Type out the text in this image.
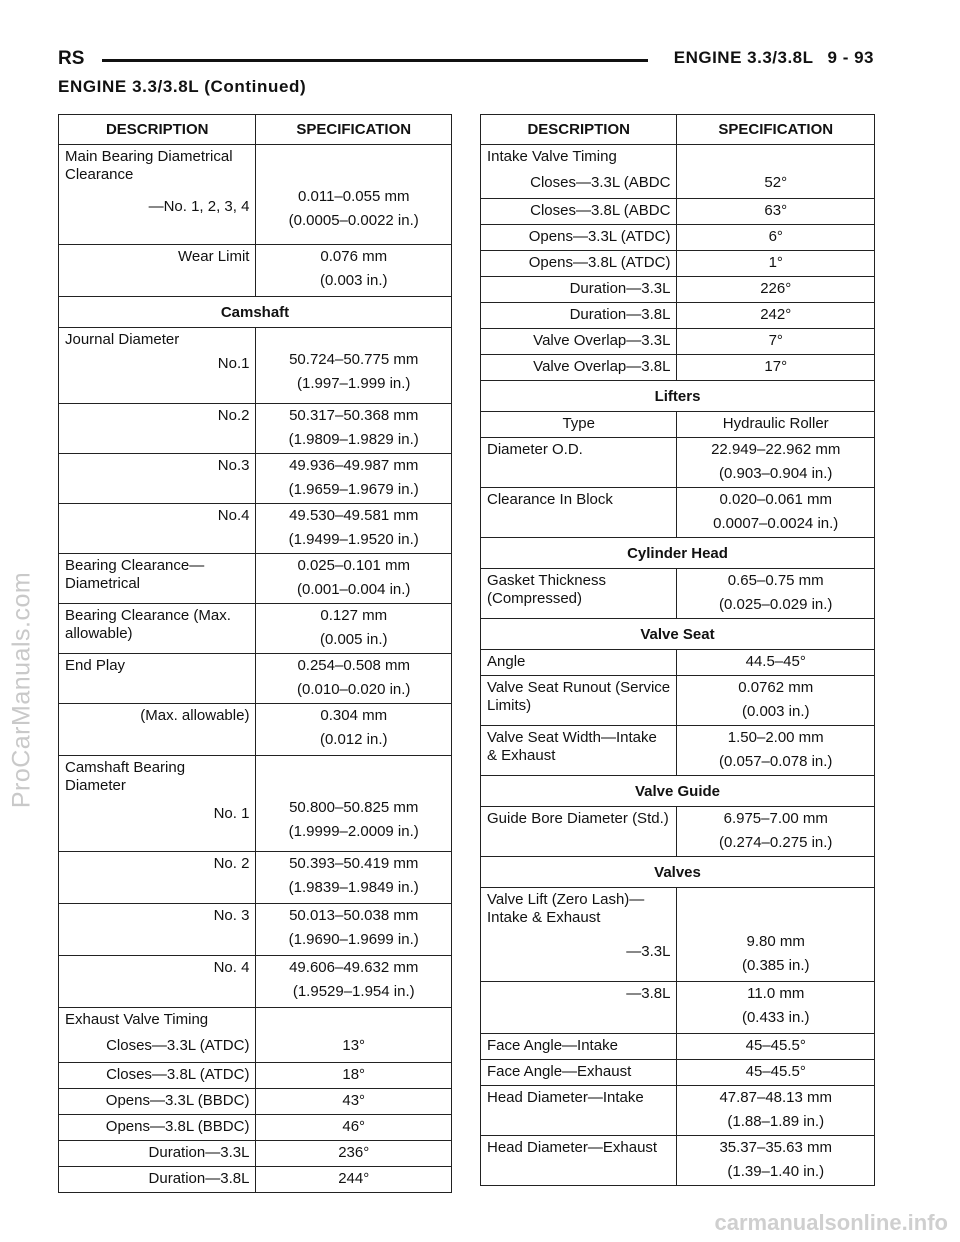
RS	ENGINE 3.3/3.8L 9 - 93
ENGINE 3.3/3.8L (Continued)
DESCRIPTION	SPECIFICATION
Main Bearing Diametrical Clearance
—No. 1, 2, 3, 4	0.011–0.055 mm
(0.0005–0.0022 in.)

Wear Limit	0.076 mm
(0.003 in.)

Camshaft	
Journal Diameter
No.1	50.724–50.775 mm
(1.997–1.999 in.)

No.2	50.317–50.368 mm
(1.9809–1.9829 in.)

No.3	49.936–49.987 mm
(1.9659–1.9679 in.)

No.4	49.530–49.581 mm
(1.9499–1.9520 in.)

Bearing Clearance— Diametrical	0.025–0.101 mm
(0.001–0.004 in.)

Bearing Clearance (Max. allowable)	0.127 mm
(0.005 in.)

End Play	0.254–0.508 mm
(0.010–0.020 in.)

(Max. allowable)	0.304 mm
(0.012 in.)

Camshaft Bearing Diameter
No. 1	50.800–50.825 mm
(1.9999–2.0009 in.)

No. 2	50.393–50.419 mm
(1.9839–1.9849 in.)

No. 3	50.013–50.038 mm
(1.9690–1.9699 in.)

No. 4	49.606–49.632 mm
(1.9529–1.954 in.)

Exhaust Valve Timing
Closes—3.3L (ATDC)	13°

Closes—3.8L (ATDC)	18°
Opens—3.3L (BBDC)	43°
Opens—3.8L (BBDC)	46°
Duration—3.3L	236°
Duration—3.8L	244°
DESCRIPTION	SPECIFICATION
Intake Valve Timing
Closes—3.3L (ABDC	52°

Closes—3.8L (ABDC	63°
Opens—3.3L (ATDC)	6°
Opens—3.8L (ATDC)	1°
Duration—3.3L	226°
Duration—3.8L	242°
Valve Overlap—3.3L	7°
Valve Overlap—3.8L	17°
Lifters	
Type	Hydraulic Roller
Diameter O.D.	22.949–22.962 mm
(0.903–0.904 in.)

Clearance In Block	0.020–0.061 mm
0.0007–0.0024 in.)

Cylinder Head	
Gasket Thickness (Compressed)	0.65–0.75 mm
(0.025–0.029 in.)

Valve Seat	
Angle	44.5–45°
Valve Seat Runout (Service Limits)	0.0762 mm
(0.003 in.)

Valve Seat Width—Intake & Exhaust	1.50–2.00 mm
(0.057–0.078 in.)

Valve Guide	
Guide Bore Diameter (Std.)	6.975–7.00 mm
(0.274–0.275 in.)

Valves	
Valve Lift (Zero Lash)—Intake & Exhaust
—3.3L	9.80 mm
(0.385 in.)

—3.8L	11.0 mm
(0.433 in.)

Face Angle—Intake	45–45.5°
Face Angle—Exhaust	45–45.5°
Head Diameter—Intake	47.87–48.13 mm
(1.88–1.89 in.)

Head Diameter—Exhaust	35.37–35.63 mm
(1.39–1.40 in.)
ProCarManuals.com
carmanualsonline.info
